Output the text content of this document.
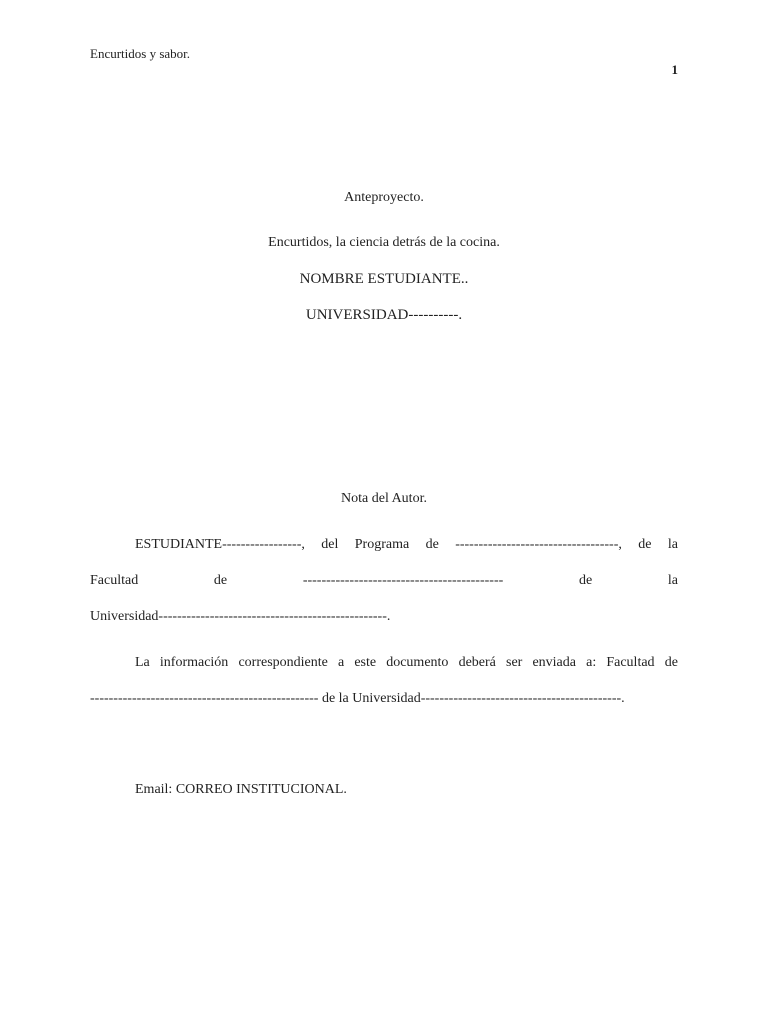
Encurtidos y sabor.
1
Anteproyecto.
Encurtidos, la ciencia detrás de la cocina.
NOMBRE ESTUDIANTE..
UNIVERSIDAD----------.
Nota del Autor.
ESTUDIANTE-----------------, del Programa de -----------------------------------, de la
Facultad	de	-------------------------------------------	de	la
Universidad-------------------------------------------------.
La información correspondiente a este documento deberá ser enviada a: Facultad de
------------------------------------------------- de la Universidad-------------------------------------------.
Email: CORREO INSTITUCIONAL.
